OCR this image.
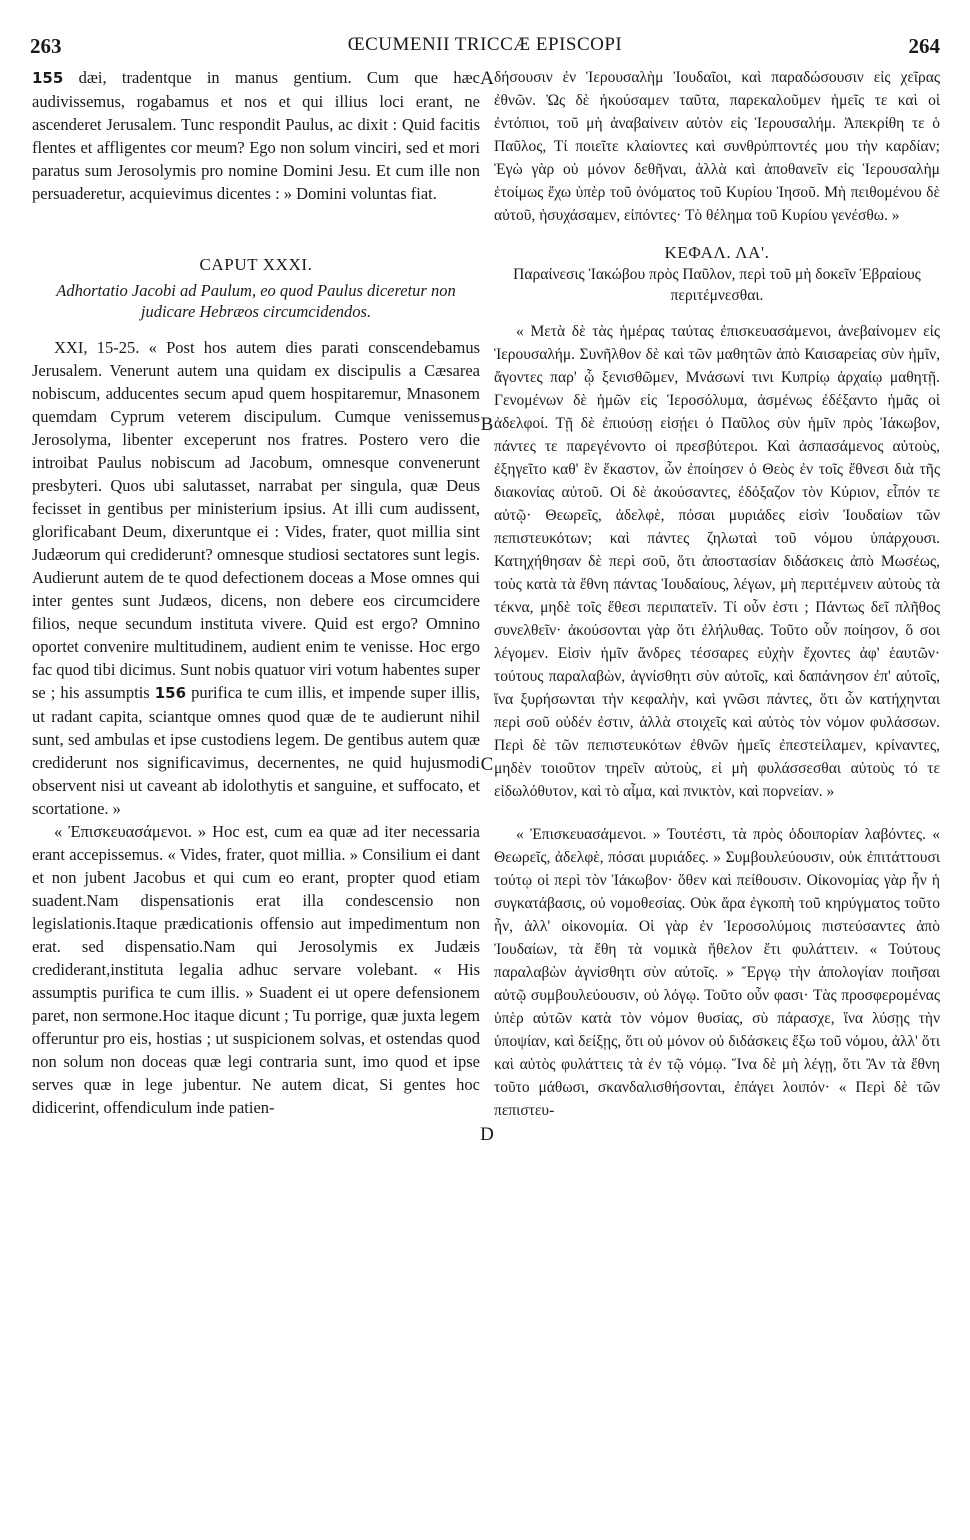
263	ŒCUMENII TRICCÆ EPISCOPI	264

155 dæi, tradentque in manus gentium. Cum que hæc audivissemus, rogabamus et nos et qui illius loci erant, ne ascenderet Jerusalem. Tunc respondit Paulus, ac dixit : Quid facitis flentes et affligentes cor meum? Ego non solum vinciri, sed et mori paratus sum Jerosolymis pro nomine Domini Jesu. Et cum ille non persuaderetur, acquievimus dicentes : » Domini voluntas fiat.

CAPUT XXXI.

Adhortatio Jacobi ad Paulum, eo quod Paulus diceretur non judicare Hebræos circumcidendos.

XXI, 15-25. « Post hos autem dies parati conscendebamus Jerusalem. Venerunt autem una quidam ex discipulis a Cæsarea nobiscum, adducentes secum apud quem hospitaremur, Mnasonem quemdam Cyprum veterem discipulum. Cumque venissemus Jerosolyma, libenter exceperunt nos fratres. Postero vero die introibat Paulus nobiscum ad Jacobum, omnesque convenerunt presbyteri. Quos ubi salutasset, narrabat per singula, quæ Deus fecisset in gentibus per ministerium ipsius. At illi cum audissent, glorificabant Deum, dixeruntque ei : Vides, frater, quot millia sint Judæorum qui crediderunt? omnesque studiosi sectatores sunt legis. Audierunt autem de te quod defectionem doceas a Mose omnes qui inter gentes sunt Judæos, dicens, non debere eos circumcidere filios, neque secundum instituta vivere. Quid est ergo? Omnino oportet convenire multitudinem, audient enim te venisse. Hoc ergo fac quod tibi dicimus. Sunt nobis quatuor viri votum habentes super se ; his assumptis 156 purifica te cum illis, et impende super illis, ut radant capita, sciantque omnes quod quæ de te audierunt nihil sunt, sed ambulas et ipse custodiens legem. De gentibus autem quæ crediderunt nos significavimus, decernentes, ne quid hujusmodi observent nisi ut caveant ab idolothytis et sanguine, et suffocato, et scortatione. »

« Ἐπισκευασάμενοι. » Hoc est, cum ea quæ ad iter necessaria erant accepissemus. « Vides, frater, quot millia. » Consilium ei dant et non jubent Jacobus et qui cum eo erant, propter quod etiam suadent.Nam dispensationis erat illa condescensio non legislationis.Itaque prædicationis offensio aut impedimentum non erat. sed dispensatio.Nam qui Jerosolymis ex Judæis crediderant,instituta legalia adhuc servare volebant. « His assumptis purifica te cum illis. » Suadent ei ut opere defensionem paret, non sermone.Hoc itaque dicunt ; Tu porrige, quæ juxta legem offeruntur pro eis, hostias ; ut suspicionem solvas, et ostendas quod non solum non doceas quæ legi contraria sunt, imo quod et ipse serves quæ in lege jubentur. Ne autem dicat, Si gentes hoc didicerint, offendiculum inde patien-

A
B
C
D

δήσουσιν ἐν Ἱερουσαλὴμ Ἰουδαῖοι, καὶ παραδώσουσιν εἰς χεῖρας ἐθνῶν. Ὡς δὲ ἠκούσαμεν ταῦτα, παρεκαλοῦμεν ἡμεῖς τε καὶ οἱ ἐντόπιοι, τοῦ μὴ ἀναβαίνειν αὐτὸν εἰς Ἱερουσαλήμ. Ἀπεκρίθη τε ὁ Παῦλος, Τί ποιεῖτε κλαίοντες καὶ συνθρύπτοντές μου τὴν καρδίαν; Ἐγὼ γὰρ οὐ μόνον δεθῆναι, ἀλλὰ καὶ ἀποθανεῖν εἰς Ἱερουσαλὴμ ἑτοίμως ἔχω ὑπὲρ τοῦ ὀνόματος τοῦ Κυρίου Ἰησοῦ. Μὴ πειθομένου δὲ αὐτοῦ, ἡσυχάσαμεν, εἰπόντες· Τὸ θέλημα τοῦ Κυρίου γενέσθω. »

ΚΕΦΑΛ. ΛΑ'.

Παραίνεσις Ἰακώβου πρὸς Παῦλον, περὶ τοῦ μὴ δοκεῖν Ἑβραίους περιτέμνεσθαι.

« Μετὰ δὲ τὰς ἡμέρας ταύτας ἐπισκευασάμενοι, ἀνεβαίνομεν εἰς Ἱερουσαλήμ. Συνῆλθον δὲ καὶ τῶν μαθητῶν ἀπὸ Καισαρείας σὺν ἡμῖν, ἄγοντες παρ' ᾧ ξενισθῶμεν, Μνάσωνί τινι Κυπρίῳ ἀρχαίῳ μαθητῇ. Γενομένων δὲ ἡμῶν εἰς Ἱεροσόλυμα, ἀσμένως ἐδέξαντο ἡμᾶς οἱ ἀδελφοί. Τῇ δὲ ἐπιούσῃ εἰσῄει ὁ Παῦλος σὺν ἡμῖν πρὸς Ἰάκωβον, πάντες τε παρεγένοντο οἱ πρεσβύτεροι. Καὶ ἀσπασάμενος αὐτοὺς, ἐξηγεῖτο καθ' ἓν ἕκαστον, ὧν ἐποίησεν ὁ Θεὸς ἐν τοῖς ἔθνεσι διὰ τῆς διακονίας αὐτοῦ. Οἱ δὲ ἀκούσαντες, ἐδόξαζον τὸν Κύριον, εἶπόν τε αὐτῷ· Θεωρεῖς, ἀδελφὲ, πόσαι μυριάδες εἰσὶν Ἰουδαίων τῶν πεπιστευκότων; καὶ πάντες ζηλωταὶ τοῦ νόμου ὑπάρχουσι. Κατηχήθησαν δὲ περὶ σοῦ, ὅτι ἀποστασίαν διδάσκεις ἀπὸ Μωσέως, τοὺς κατὰ τὰ ἔθνη πάντας Ἰουδαίους, λέγων, μὴ περιτέμνειν αὐτοὺς τὰ τέκνα, μηδὲ τοῖς ἔθεσι περιπατεῖν. Τί οὖν ἐστι ; Πάντως δεῖ πλῆθος συνελθεῖν· ἀκούσονται γὰρ ὅτι ἐλήλυθας. Τοῦτο οὖν ποίησον, ὅ σοι λέγομεν. Εἰσὶν ἡμῖν ἄνδρες τέσσαρες εὐχὴν ἔχοντες ἀφ' ἑαυτῶν· τούτους παραλαβὼν, ἁγνίσθητι σὺν αὐτοῖς, καὶ δαπάνησον ἐπ' αὐτοῖς, ἵνα ξυρήσωνται τὴν κεφαλὴν, καὶ γνῶσι πάντες, ὅτι ὧν κατήχηνται περὶ σοῦ οὐδέν ἐστιν, ἀλλὰ στοιχεῖς καὶ αὐτὸς τὸν νόμον φυλάσσων. Περὶ δὲ τῶν πεπιστευκότων ἐθνῶν ἡμεῖς ἐπεστείλαμεν, κρίναντες, μηδὲν τοιοῦτον τηρεῖν αὐτοὺς, εἰ μὴ φυλάσσεσθαι αὐτοὺς τό τε εἰδωλόθυτον, καὶ τὸ αἷμα, καὶ πνικτὸν, καὶ πορνείαν. »

« Ἐπισκευασάμενοι. » Τουτέστι, τὰ πρὸς ὁδοιπορίαν λαβόντες. « Θεωρεῖς, ἀδελφὲ, πόσαι μυριάδες. » Συμβουλεύουσιν, οὐκ ἐπιτάττουσι τούτῳ οἱ περὶ τὸν Ἰάκωβον· ὅθεν καὶ πείθουσιν. Οἰκονομίας γὰρ ἦν ἡ συγκατάβασις, οὐ νομοθεσίας. Οὐκ ἄρα ἐγκοπὴ τοῦ κηρύγματος τοῦτο ἦν, ἀλλ' οἰκονομία. Οἱ γὰρ ἐν Ἱεροσολύμοις πιστεύσαντες ἀπὸ Ἰουδαίων, τὰ ἔθη τὰ νομικὰ ἤθελον ἔτι φυλάττειν. « Τούτους παραλαβὼν ἁγνίσθητι σὺν αὐτοῖς. » Ἔργῳ τὴν ἀπολογίαν ποιῆσαι αὐτῷ συμβουλεύουσιν, οὐ λόγῳ. Τοῦτο οὖν φασι· Τὰς προσφερομένας ὑπὲρ αὐτῶν κατὰ τὸν νόμον θυσίας, σὺ πάρασχε, ἵνα λύσῃς τὴν ὑποψίαν, καὶ δείξῃς, ὅτι οὐ μόνον οὐ διδάσκεις ἔξω τοῦ νόμου, ἀλλ' ὅτι καὶ αὐτὸς φυλάττεις τὰ ἐν τῷ νόμῳ. Ἵνα δὲ μὴ λέγῃ, ὅτι Ἂν τὰ ἔθνη τοῦτο μάθωσι, σκανδαλισθήσονται, ἐπάγει λοιπόν· « Περὶ δὲ τῶν πεπιστευ-
